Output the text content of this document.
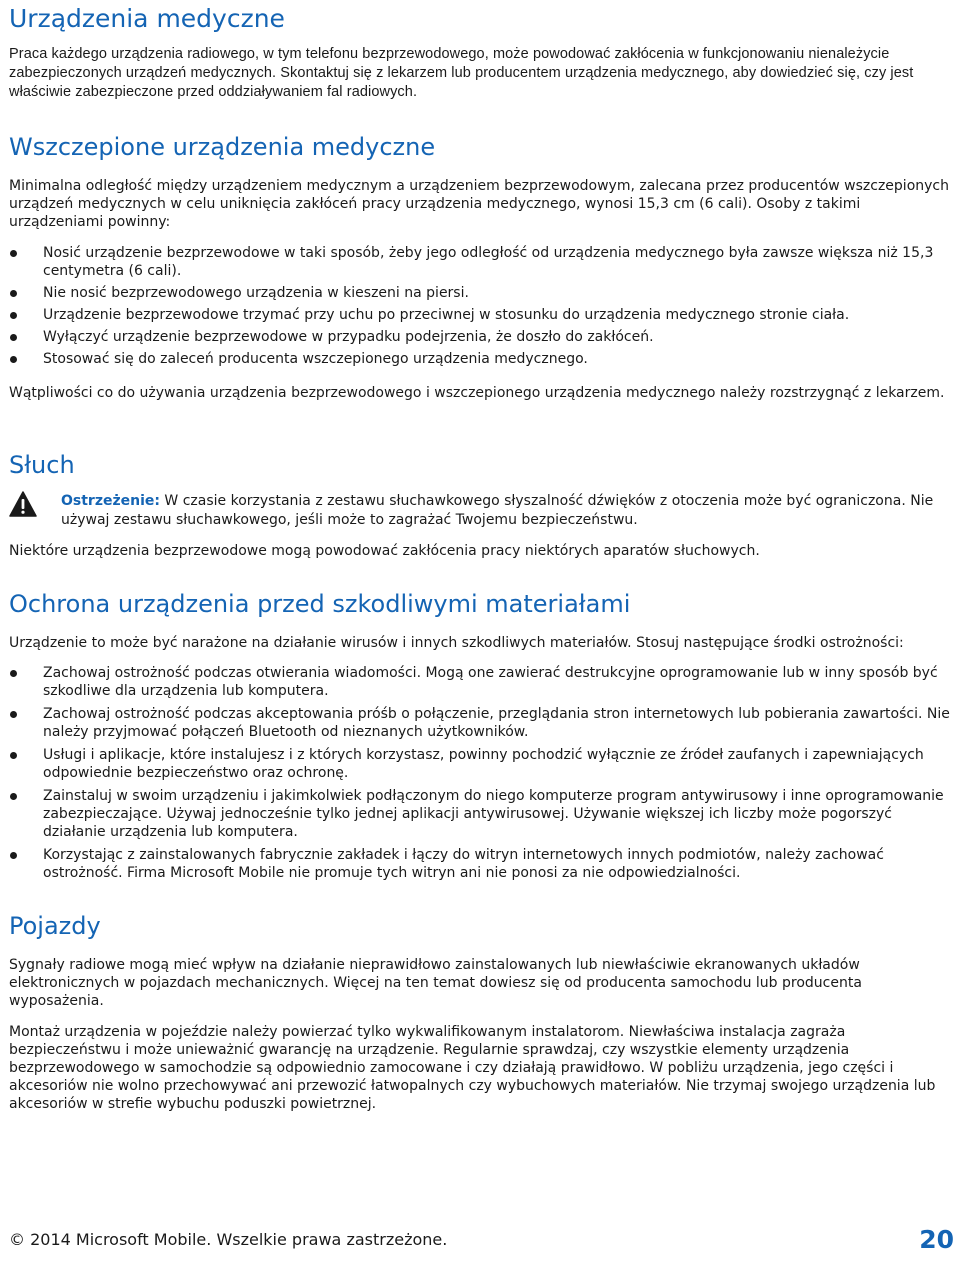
Urządzenia medyczne

Praca każdego urządzenia radiowego, w tym telefonu bezprzewodowego, może powodować zakłócenia w funkcjonowaniu nienależycie zabezpieczonych urządzeń medycznych. Skontaktuj się z lekarzem lub producentem urządzenia medycznego, aby dowiedzieć się, czy jest właściwie zabezpieczone przed oddziaływaniem fal radiowych.

Wszczepione urządzenia medyczne

Minimalna odległość między urządzeniem medycznym a urządzeniem bezprzewodowym, zalecana przez producentów wszczepionych urządzeń medycznych w celu uniknięcia zakłóceń pracy urządzenia medycznego, wynosi 15,3 cm (6 cali). Osoby z takimi urządzeniami powinny:

Nosić urządzenie bezprzewodowe w taki sposób, żeby jego odległość od urządzenia medycznego była zawsze większa niż 15,3 centymetra (6 cali).
Nie nosić bezprzewodowego urządzenia w kieszeni na piersi.
Urządzenie bezprzewodowe trzymać przy uchu po przeciwnej w stosunku do urządzenia medycznego stronie ciała.
Wyłączyć urządzenie bezprzewodowe w przypadku podejrzenia, że doszło do zakłóceń.
Stosować się do zaleceń producenta wszczepionego urządzenia medycznego.

Wątpliwości co do używania urządzenia bezprzewodowego i wszczepionego urządzenia medycznego należy rozstrzygnąć z lekarzem.

Słuch

Ostrzeżenie: W czasie korzystania z zestawu słuchawkowego słyszalność dźwięków z otoczenia może być ograniczona. Nie używaj zestawu słuchawkowego, jeśli może to zagrażać Twojemu bezpieczeństwu.

Niektóre urządzenia bezprzewodowe mogą powodować zakłócenia pracy niektórych aparatów słuchowych.

Ochrona urządzenia przed szkodliwymi materiałami

Urządzenie to może być narażone na działanie wirusów i innych szkodliwych materiałów. Stosuj następujące środki ostrożności:

Zachowaj ostrożność podczas otwierania wiadomości. Mogą one zawierać destrukcyjne oprogramowanie lub w inny sposób być szkodliwe dla urządzenia lub komputera.
Zachowaj ostrożność podczas akceptowania próśb o połączenie, przeglądania stron internetowych lub pobierania zawartości. Nie należy przyjmować połączeń Bluetooth od nieznanych użytkowników.
Usługi i aplikacje, które instalujesz i z których korzystasz, powinny pochodzić wyłącznie ze źródeł zaufanych i zapewniających odpowiednie bezpieczeństwo oraz ochronę.
Zainstaluj w swoim urządzeniu i jakimkolwiek podłączonym do niego komputerze program antywirusowy i inne oprogramowanie zabezpieczające. Używaj jednocześnie tylko jednej aplikacji antywirusowej. Używanie większej ich liczby może pogorszyć działanie urządzenia lub komputera.
Korzystając z zainstalowanych fabrycznie zakładek i łączy do witryn internetowych innych podmiotów, należy zachować ostrożność. Firma Microsoft Mobile nie promuje tych witryn ani nie ponosi za nie odpowiedzialności.
Pojazdy

Sygnały radiowe mogą mieć wpływ na działanie nieprawidłowo zainstalowanych lub niewłaściwie ekranowanych układów elektronicznych w pojazdach mechanicznych. Więcej na ten temat dowiesz się od producenta samochodu lub producenta wyposażenia.

Montaż urządzenia w pojeździe należy powierzać tylko wykwalifikowanym instalatorom. Niewłaściwa instalacja zagraża bezpieczeństwu i może unieważnić gwarancję na urządzenie. Regularnie sprawdzaj, czy wszystkie elementy urządzenia bezprzewodowego w samochodzie są odpowiednio zamocowane i czy działają prawidłowo. W pobliżu urządzenia, jego części i akcesoriów nie wolno przechowywać ani przewozić łatwopalnych czy wybuchowych materiałów. Nie trzymaj swojego urządzenia lub akcesoriów w strefie wybuchu poduszki powietrznej.

© 2014 Microsoft Mobile. Wszelkie prawa zastrzeżone.	20
